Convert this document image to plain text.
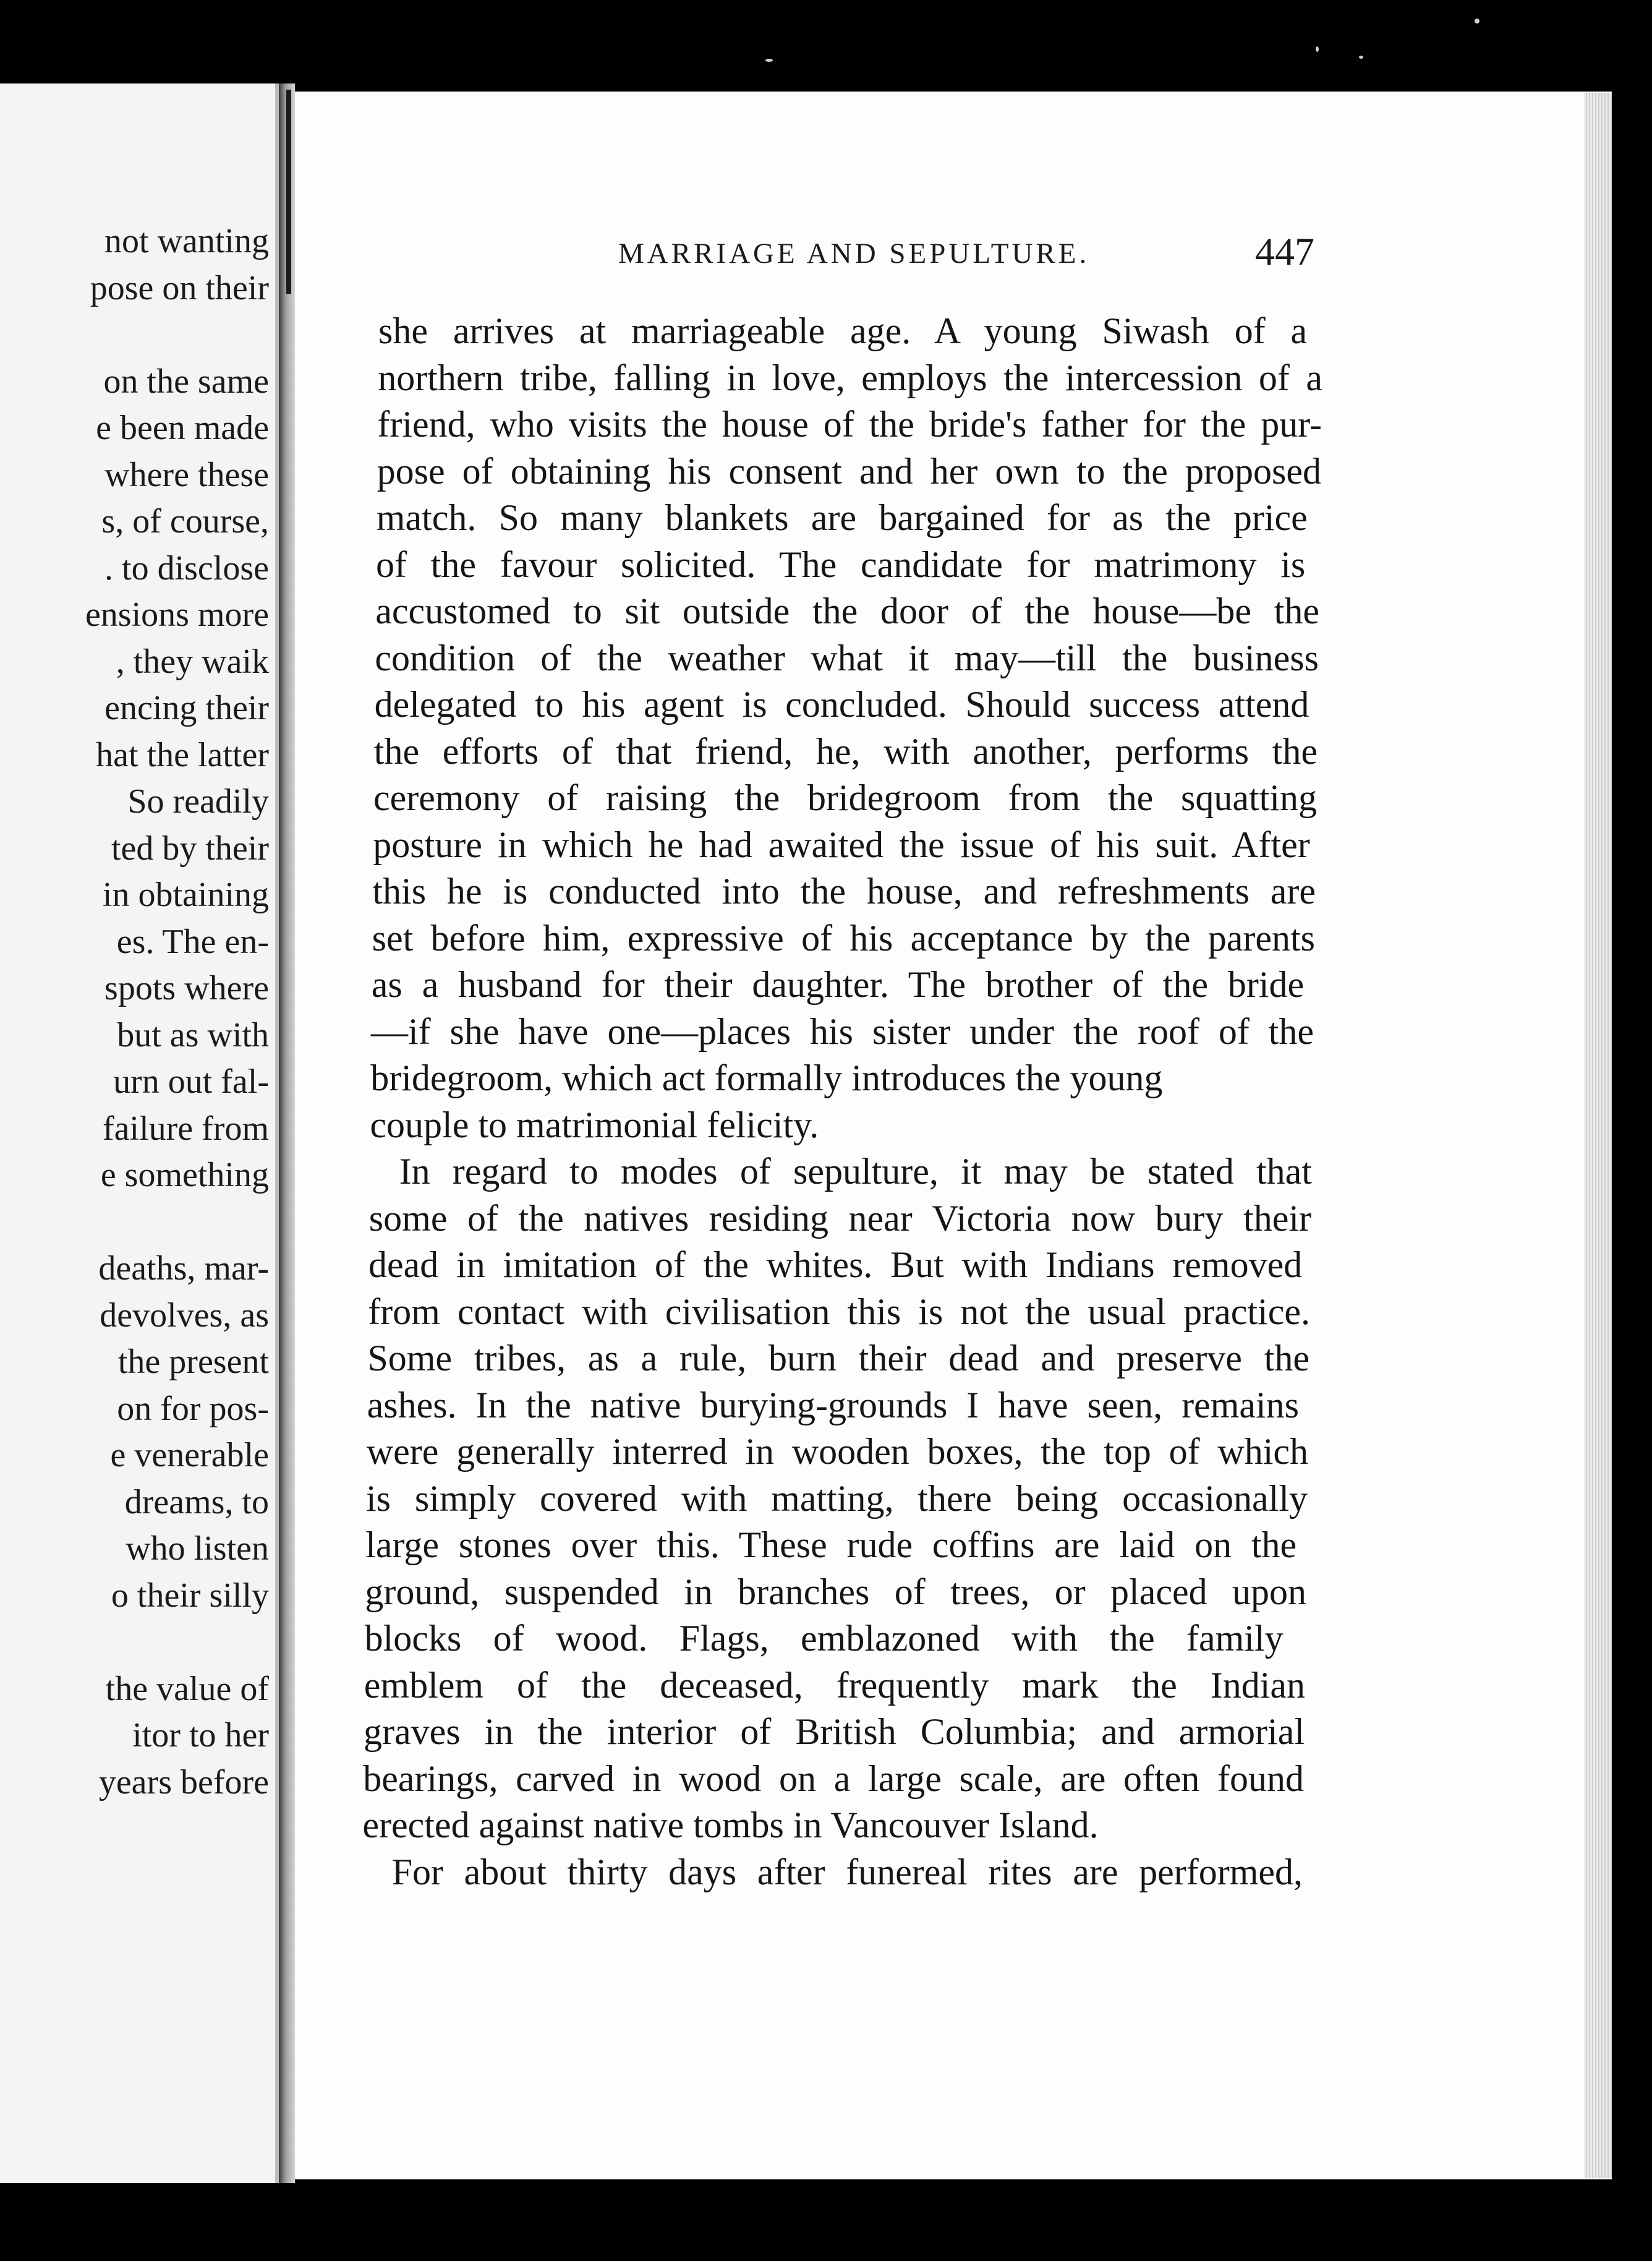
not wanting
pose on their
on the same
e been made
where these
s, of course,
. to disclose
ensions more
, they waik
encing their
hat the latter
So readily
ted by their
in obtaining
es. The en-
spots where
but as with
urn out fal-
failure from
e something
deaths, mar-
devolves, as
the present
on for pos-
e venerable
dreams, to
who listen
o their silly
the value of
itor to her
years before
MARRIAGE AND SEPULTURE.	447
she arrives at marriageable age. A young Siwash of a
northern tribe, falling in love, employs the intercession of a
friend, who visits the house of the bride's father for the pur-
pose of obtaining his consent and her own to the proposed
match. So many blankets are bargained for as the price
of the favour solicited. The candidate for matrimony is
accustomed to sit outside the door of the house—be the
condition of the weather what it may—till the business
delegated to his agent is concluded. Should success attend
the efforts of that friend, he, with another, performs the
ceremony of raising the bridegroom from the squatting
posture in which he had awaited the issue of his suit. After
this he is conducted into the house, and refreshments are
set before him, expressive of his acceptance by the parents
as a husband for their daughter. The brother of the bride
—if she have one—places his sister under the roof of the
bridegroom, which act formally introduces the young
couple to matrimonial felicity.
In regard to modes of sepulture, it may be stated that
some of the natives residing near Victoria now bury their
dead in imitation of the whites. But with Indians removed
from contact with civilisation this is not the usual practice.
Some tribes, as a rule, burn their dead and preserve the
ashes. In the native burying-grounds I have seen, remains
were generally interred in wooden boxes, the top of which
is simply covered with matting, there being occasionally
large stones over this. These rude coffins are laid on the
ground, suspended in branches of trees, or placed upon
blocks of wood. Flags, emblazoned with the family
emblem of the deceased, frequently mark the Indian
graves in the interior of British Columbia; and armorial
bearings, carved in wood on a large scale, are often found
erected against native tombs in Vancouver Island.
For about thirty days after funereal rites are performed,
